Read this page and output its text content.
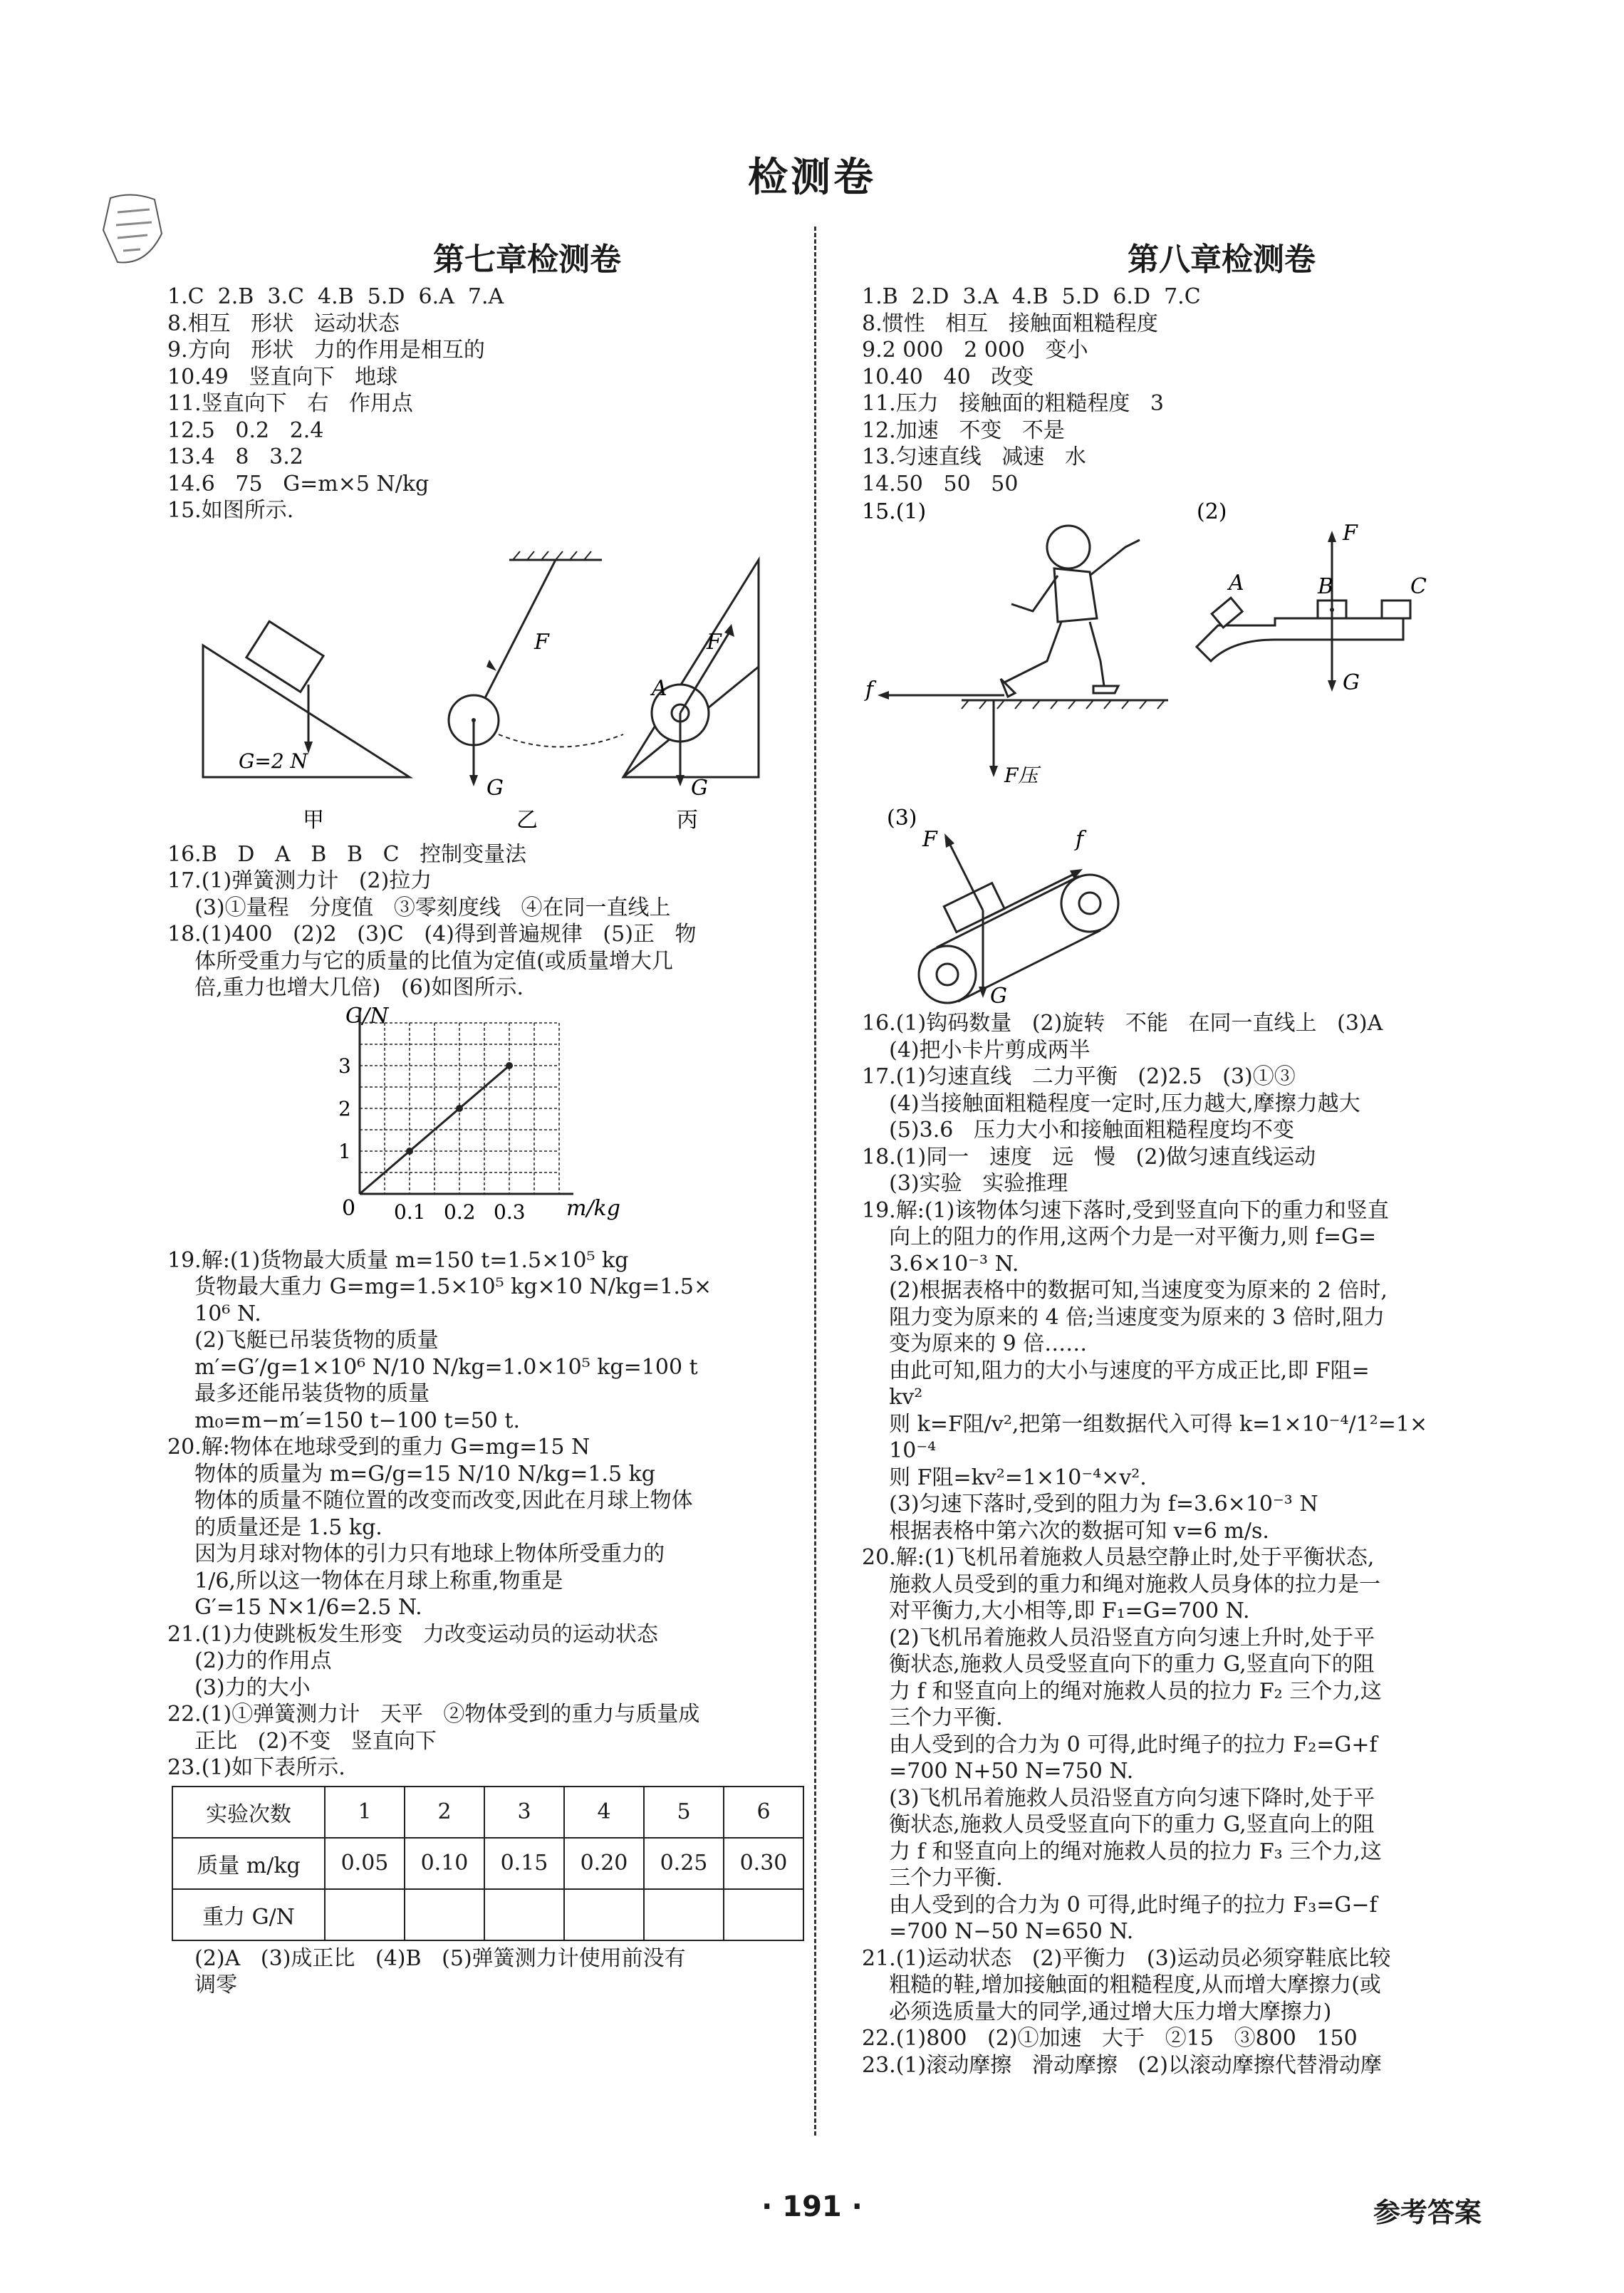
检测卷
第七章检测卷
1.C  2.B  3.C  4.B  5.D  6.A  7.A
8.相互   形状   运动状态
9.方向   形状   力的作用是相互的
10.49   竖直向下   地球
11.竖直向下   右   作用点
12.5   0.2   2.4
13.4   8   3.2
14.6   75   G=m×5 N/kg
15.如图所示.
G=2 N
甲
F
G
乙
A
F
G
丙
16.B   D   A   B   B   C   控制变量法
17.(1)弹簧测力计   (2)拉力
(3)①量程   分度值   ③零刻度线   ④在同一直线上
18.(1)400   (2)2   (3)C   (4)得到普遍规律   (5)正   物
体所受重力与它的质量的比值为定值(或质量增大几
倍,重力也增大几倍)   (6)如图所示.
G/N
m/kg
0
1
2
3
0.1 0.2 0.3
19.解:(1)货物最大质量 m=150 t=1.5×10⁵ kg
货物最大重力 G=mg=1.5×10⁵ kg×10 N/kg=1.5×
10⁶ N.
(2)飞艇已吊装货物的质量
m′=G′/g=1×10⁶ N/10 N/kg=1.0×10⁵ kg=100 t
最多还能吊装货物的质量
m₀=m−m′=150 t−100 t=50 t.
20.解:物体在地球受到的重力 G=mg=15 N
物体的质量为 m=G/g=15 N/10 N/kg=1.5 kg
物体的质量不随位置的改变而改变,因此在月球上物体
的质量还是 1.5 kg.
因为月球对物体的引力只有地球上物体所受重力的
1/6,所以这一物体在月球上称重,物重是
G′=15 N×1/6=2.5 N.
21.(1)力使跳板发生形变   力改变运动员的运动状态
(2)力的作用点
(3)力的大小
22.(1)①弹簧测力计   天平   ②物体受到的重力与质量成
正比   (2)不变   竖直向下
23.(1)如下表所示.
实验次数	1	2	3	4	5	6
质量 m/kg	0.05	0.10	0.15	0.20	0.25	0.30
重力 G/N						
(2)A   (3)成正比   (4)B   (5)弹簧测力计使用前没有
调零
第八章检测卷
1.B  2.D  3.A  4.B  5.D  6.D  7.C
8.惯性   相互   接触面粗糙程度
9.2 000   2 000   变小
10.40   40   改变
11.压力   接触面的粗糙程度   3
12.加速   不变   不是
13.匀速直线   减速   水
14.50   50   50
15.(1)	(2)
f
F压
F
G
A	B	C
(3)
f
F
G
16.(1)钩码数量   (2)旋转   不能   在同一直线上   (3)A
(4)把小卡片剪成两半
17.(1)匀速直线   二力平衡   (2)2.5   (3)①③
(4)当接触面粗糙程度一定时,压力越大,摩擦力越大
(5)3.6   压力大小和接触面粗糙程度均不变
18.(1)同一   速度   远   慢   (2)做匀速直线运动
(3)实验   实验推理
19.解:(1)该物体匀速下落时,受到竖直向下的重力和竖直
向上的阻力的作用,这两个力是一对平衡力,则 f=G=
3.6×10⁻³ N.
(2)根据表格中的数据可知,当速度变为原来的 2 倍时,
阻力变为原来的 4 倍;当速度变为原来的 3 倍时,阻力
变为原来的 9 倍……
由此可知,阻力的大小与速度的平方成正比,即 F阻=
kv²
则 k=F阻/v²,把第一组数据代入可得 k=1×10⁻⁴/1²=1×
10⁻⁴
则 F阻=kv²=1×10⁻⁴×v².
(3)匀速下落时,受到的阻力为 f=3.6×10⁻³ N
根据表格中第六次的数据可知 v=6 m/s.
20.解:(1)飞机吊着施救人员悬空静止时,处于平衡状态,
施救人员受到的重力和绳对施救人员身体的拉力是一
对平衡力,大小相等,即 F₁=G=700 N.
(2)飞机吊着施救人员沿竖直方向匀速上升时,处于平
衡状态,施救人员受竖直向下的重力 G,竖直向下的阻
力 f 和竖直向上的绳对施救人员的拉力 F₂ 三个力,这
三个力平衡.
由人受到的合力为 0 可得,此时绳子的拉力 F₂=G+f
=700 N+50 N=750 N.
(3)飞机吊着施救人员沿竖直方向匀速下降时,处于平
衡状态,施救人员受竖直向下的重力 G,竖直向上的阻
力 f 和竖直向上的绳对施救人员的拉力 F₃ 三个力,这
三个力平衡.
由人受到的合力为 0 可得,此时绳子的拉力 F₃=G−f
=700 N−50 N=650 N.
21.(1)运动状态   (2)平衡力   (3)运动员必须穿鞋底比较
粗糙的鞋,增加接触面的粗糙程度,从而增大摩擦力(或
必须选质量大的同学,通过增大压力增大摩擦力)
22.(1)800   (2)①加速   大于   ②15   ③800   150
23.(1)滚动摩擦   滑动摩擦   (2)以滚动摩擦代替滑动摩
· 191 ·	参考答案
